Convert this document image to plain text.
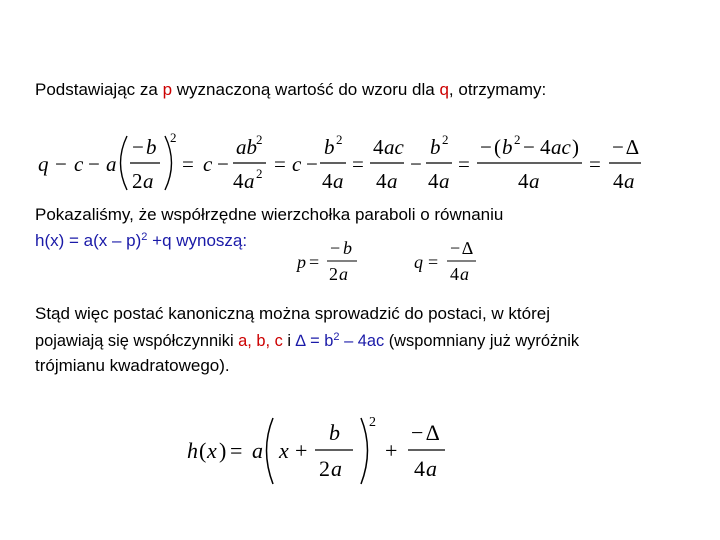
Podstawiając za p wyznaczoną wartość do wzoru dla q, otrzymamy:
q − c − a
− b
2 a
2
= c −
ab 2
4 a 2 = c −
b 2
4 a
=
4 ac
4 a
−
b 2
4 a
=
− ( b 2 − 4 ac )
4 a
=
− ∆
4 a
Pokazaliśmy, że współrzędne wierzchołka paraboli o równaniu
h(x) = a(x – p)$^2$ +q wynoszą:
p =
− b
2 a
q =
− ∆
4 a
Stąd więc postać kanoniczną można sprowadzić do postaci, w której
pojawiają się współczynniki a, b, c i ∆ = $b^2 - 4ac$ (wspomniany już wyróżnik
trójmianu kwadratowego).
h ( x ) = a x +
b
2 a
2
+
− ∆
4 a
